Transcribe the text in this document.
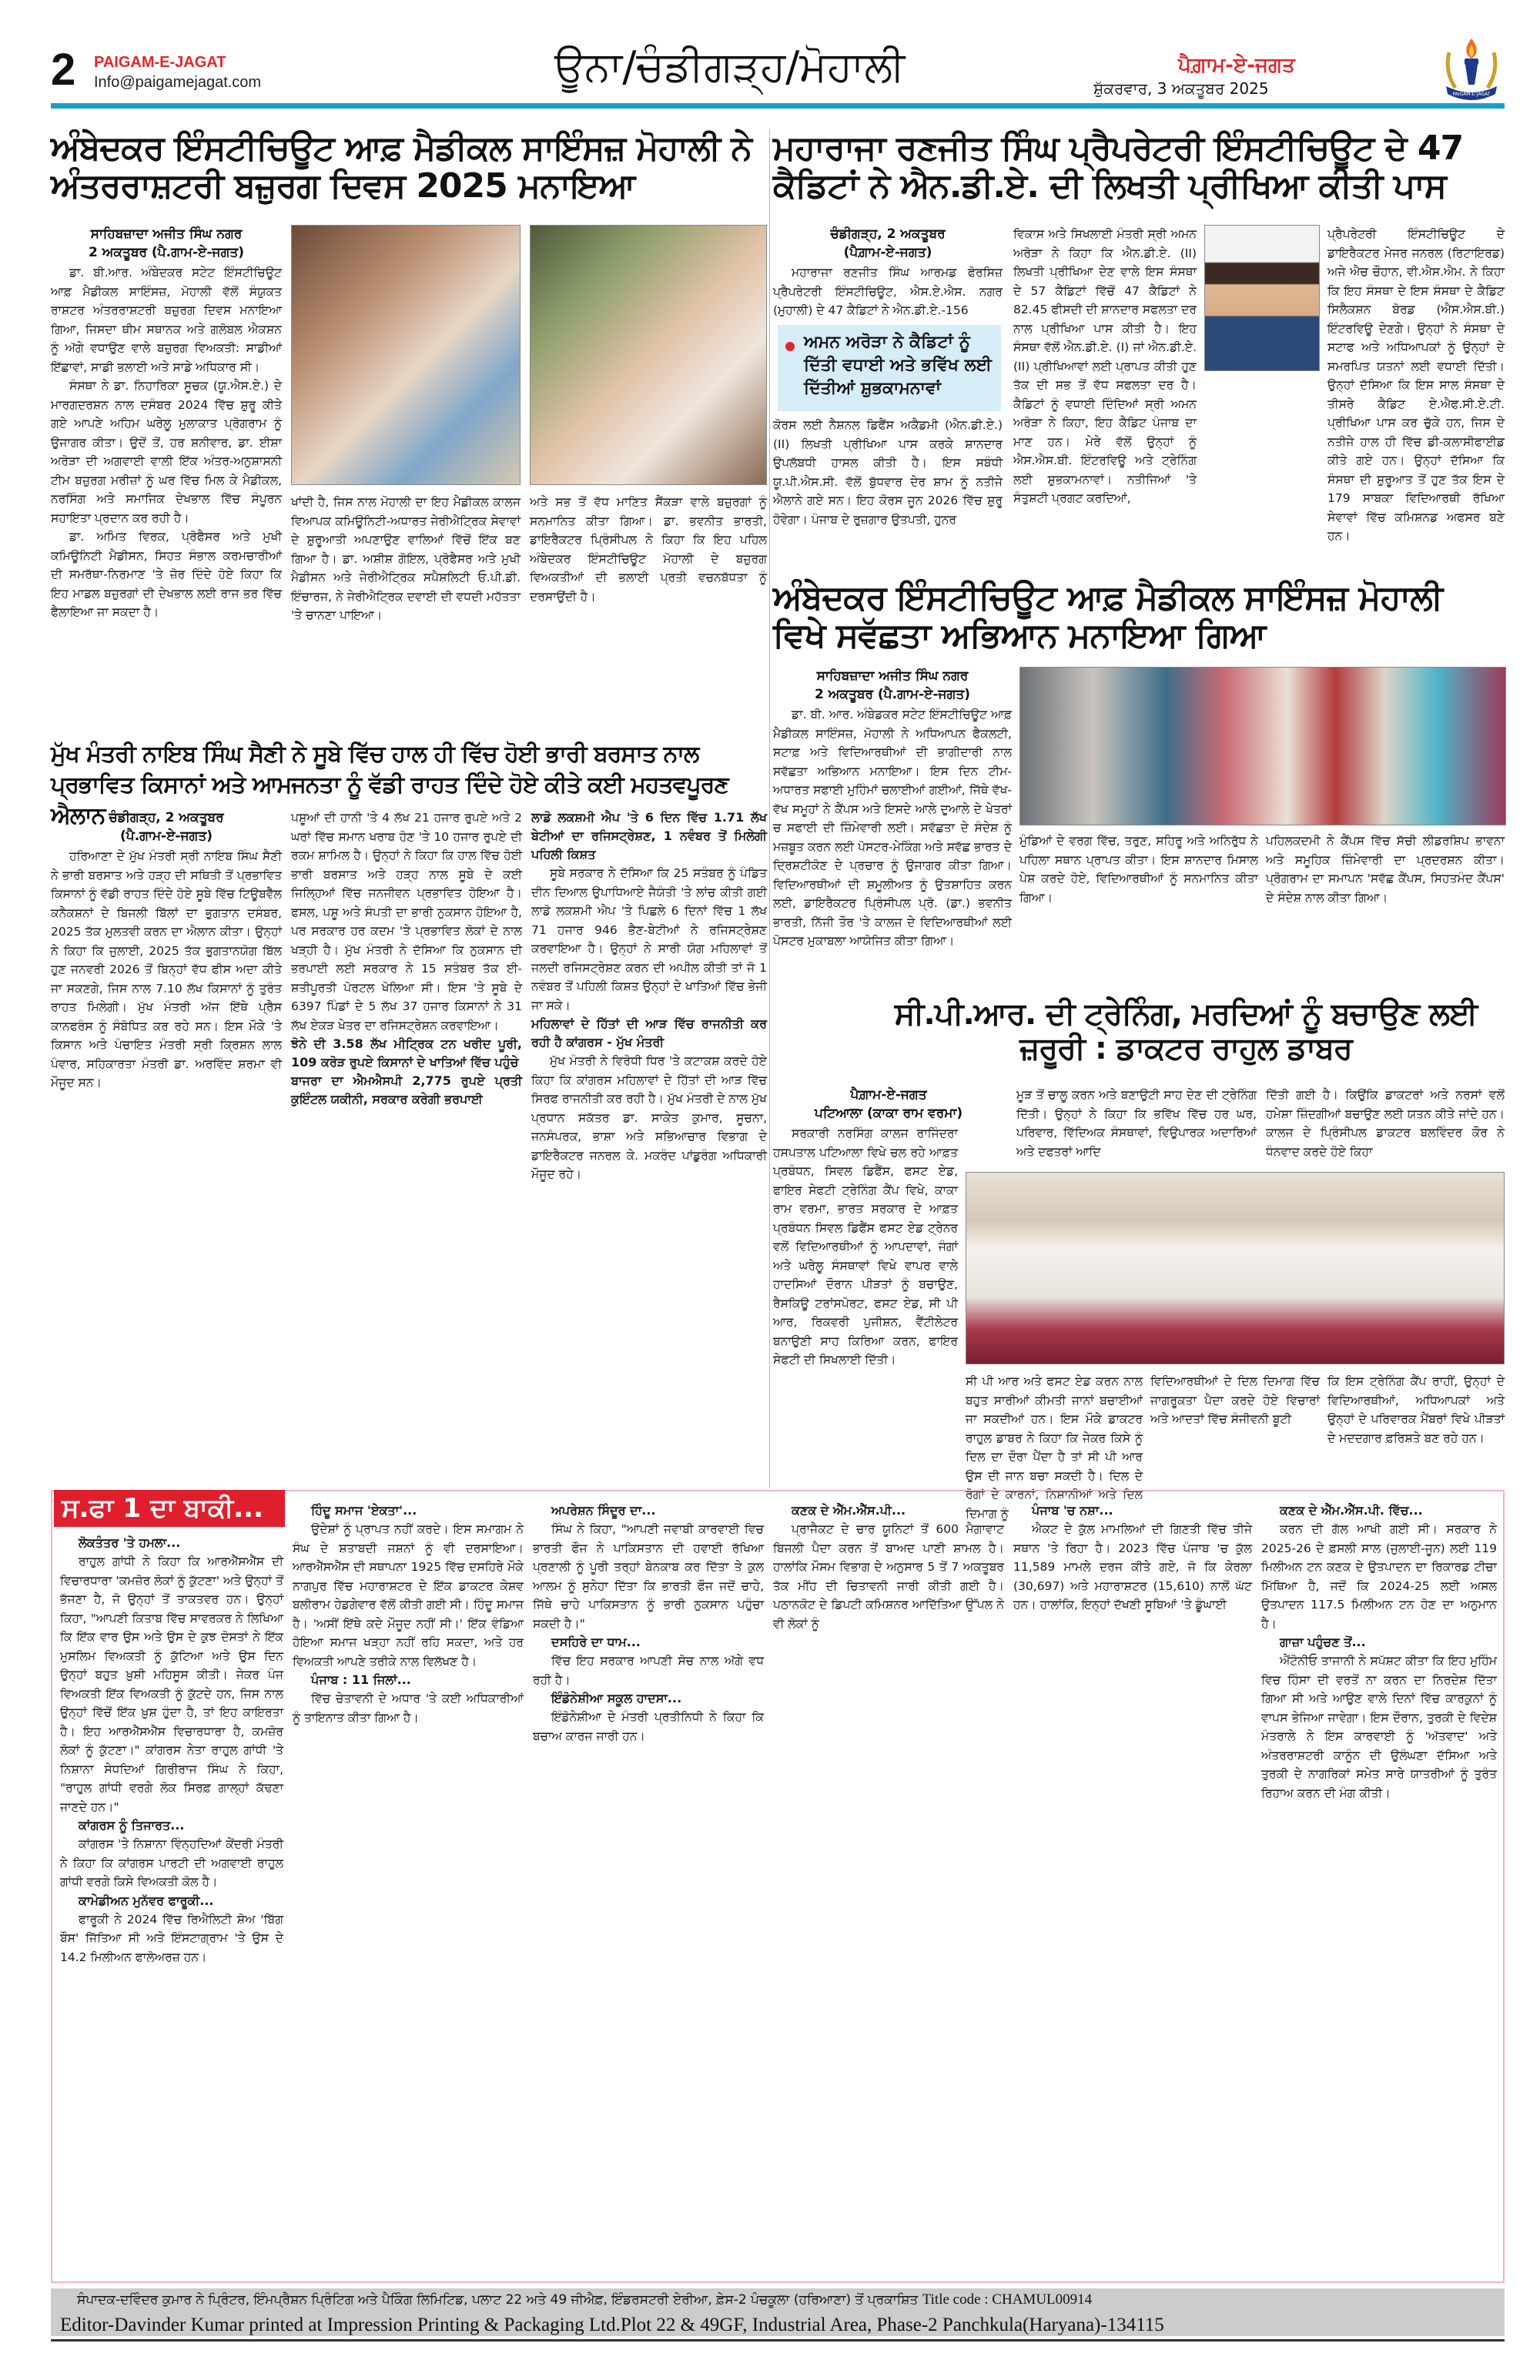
2 PAIGAM-E-JAGAT
Info@paigamejagat.com	ਊਨਾ/ਚੰਡੀਗੜ੍ਹ/ਮੋਹਾਲੀ	ਪੈਗ਼ਾਮ-ਏ-ਜਗਤ
ਸ਼ੁੱਕਰਵਾਰ, 3 ਅਕਤੂਬਰ 2025	PAIGAM-E-JAGAT
ਅੰਬੇਦਕਰ ਇੰਸਟੀਚਿਊਟ ਆਫ਼ ਮੈਡੀਕਲ ਸਾਇੰਸਜ਼ ਮੋਹਾਲੀ ਨੇ ਅੰਤਰਰਾਸ਼ਟਰੀ ਬਜ਼ੁਰਗ ਦਿਵਸ 2025 ਮਨਾਇਆ
ਸਾਹਿਬਜ਼ਾਦਾ ਅਜੀਤ ਸਿੰਘ ਨਗਰ
2 ਅਕਤੂਬਰ (ਪੈ.ਗਾਮ-ਏ-ਜਗਤ)

ਡਾ. ਬੀ.ਆਰ. ਅੰਬੇਦਕਰ ਸਟੇਟ ਇੰਸਟੀਚਿਊਟ ਆਫ਼ ਮੈਡੀਕਲ ਸਾਇੰਸਜ਼, ਮੋਹਾਲੀ ਵੱਲੋਂ ਸੰਯੁਕਤ ਰਾਸ਼ਟਰ ਅੰਤਰਰਾਸ਼ਟਰੀ ਬਜ਼ੁਰਗ ਦਿਵਸ ਮਨਾਇਆ ਗਿਆ, ਜਿਸਦਾ ਥੀਮ ਸਥਾਨਕ ਅਤੇ ਗਲੋਬਲ ਐਕਸ਼ਨ ਨੂੰ ਅੱਗੇ ਵਧਾਉਣ ਵਾਲੇ ਬਜ਼ੁਰਗ ਵਿਅਕਤੀ: ਸਾਡੀਆਂ ਇੱਛਾਵਾਂ, ਸਾਡੀ ਭਲਾਈ ਅਤੇ ਸਾਡੇ ਅਧਿਕਾਰ ਸੀ।

ਸੰਸਥਾ ਨੇ ਡਾ. ਨਿਹਾਰਿਕਾ ਸੂਚਕ (ਯੂ.ਐਸ.ਏ.) ਦੇ ਮਾਰਗਦਰਸ਼ਨ ਨਾਲ ਦਸੰਬਰ 2024 ਵਿੱਚ ਸ਼ੁਰੂ ਕੀਤੇ ਗਏ ਆਪਣੇ ਅਹਿਮ ਘਰੇਲੂ ਮੁਲਾਕਾਤ ਪ੍ਰੋਗਰਾਮ ਨੂੰ ਉਜਾਗਰ ਕੀਤਾ। ਉਦੋਂ ਤੋਂ, ਹਰ ਸ਼ਨੀਵਾਰ, ਡਾ. ਈਸ਼ਾ ਅਰੋੜਾ ਦੀ ਅਗਵਾਈ ਵਾਲੀ ਇੱਕ ਅੰਤਰ-ਅਨੁਸ਼ਾਸਨੀ ਟੀਮ ਬਜ਼ੁਰਗ ਮਰੀਜ਼ਾਂ ਨੂੰ ਘਰ ਵਿੱਚ ਮਿਲ ਕੇ ਮੈਡੀਕਲ, ਨਰਸਿੰਗ ਅਤੇ ਸਮਾਜਿਕ ਦੇਖਭਾਲ ਵਿੱਚ ਸੰਪੂਰਨ ਸਹਾਇਤਾ ਪ੍ਰਦਾਨ ਕਰ ਰਹੀ ਹੈ।

ਡਾ. ਅਮਿਤ ਵਿਰਕ, ਪ੍ਰੋਫੈਸਰ ਅਤੇ ਮੁਖੀ ਕਮਿਊਨਿਟੀ ਮੈਡੀਸਨ, ਸਿਹਤ ਸੰਭਾਲ ਕਰਮਚਾਰੀਆਂ ਦੀ ਸਮਰੱਥਾ-ਨਿਰਮਾਣ 'ਤੇ ਜ਼ੋਰ ਦਿੰਦੇ ਹੋਏ ਕਿਹਾ ਕਿ ਇਹ ਮਾਡਲ ਬਜ਼ੁਰਗਾਂ ਦੀ ਦੇਖਭਾਲ ਲਈ ਰਾਜ ਭਰ ਵਿੱਚ ਫੈਲਾਇਆ ਜਾ ਸਕਦਾ ਹੈ।

ਖਾਂਦੀ ਹੈ, ਜਿਸ ਨਾਲ ਮੋਹਾਲੀ ਦਾ ਇਹ ਮੈਡੀਕਲ ਕਾਲਜ ਵਿਆਪਕ ਕਮਿਊਨਿਟੀ-ਅਧਾਰਤ ਜੇਰੀਐਟ੍ਰਿਕ ਸੇਵਾਵਾਂ ਦੇ ਸ਼ੁਰੂਆਤੀ ਅਪਣਾਉਣ ਵਾਲਿਆਂ ਵਿੱਚੋਂ ਇੱਕ ਬਣ ਗਿਆ ਹੈ। ਡਾ. ਅਸ਼ੀਸ਼ ਗੋਇਲ, ਪ੍ਰੋਫੈਸਰ ਅਤੇ ਮੁਖੀ ਮੈਡੀਸਨ ਅਤੇ ਜੇਰੀਐਟ੍ਰਿਕ ਸਪੈਸ਼ਲਿਟੀ ਓ.ਪੀ.ਡੀ. ਇੰਚਾਰਜ, ਨੇ ਜੇਰੀਐਟ੍ਰਿਕ ਦਵਾਈ ਦੀ ਵਧਦੀ ਮਹੱਤਤਾ 'ਤੇ ਚਾਨਣਾ ਪਾਇਆ।

ਅਤੇ ਸਭ ਤੋਂ ਵੱਧ ਮਾਣਿਤ ਸੈਂਕੜਾ ਵਾਲੇ ਬਜ਼ੁਰਗਾਂ ਨੂੰ ਸਨਮਾਨਿਤ ਕੀਤਾ ਗਿਆ। ਡਾ. ਭਵਨੀਤ ਭਾਰਤੀ, ਡਾਇਰੈਕਟਰ ਪ੍ਰਿੰਸੀਪਲ ਨੇ ਕਿਹਾ ਕਿ ਇਹ ਪਹਿਲ ਅੰਬੇਦਕਰ ਇੰਸਟੀਚਿਊਟ ਮੋਹਾਲੀ ਦੇ ਬਜ਼ੁਰਗ ਵਿਅਕਤੀਆਂ ਦੀ ਭਲਾਈ ਪ੍ਰਤੀ ਵਚਨਬੱਧਤਾ ਨੂੰ ਦਰਸਾਉਂਦੀ ਹੈ।

ਮਹਾਰਾਜਾ ਰਣਜੀਤ ਸਿੰਘ ਪ੍ਰੈਪਰੇਟਰੀ ਇੰਸਟੀਚਿਊਟ ਦੇ 47 ਕੈਡਿਟਾਂ ਨੇ ਐਨ.ਡੀ.ਏ. ਦੀ ਲਿਖਤੀ ਪ੍ਰੀਖਿਆ ਕੀਤੀ ਪਾਸ
ਚੰਡੀਗੜ੍ਹ, 2 ਅਕਤੂਬਰ
(ਪੈਗ਼ਾਮ-ਏ-ਜਗਤ)

ਮਹਾਰਾਜਾ ਰਣਜੀਤ ਸਿੰਘ ਆਰਮਡ ਫੋਰਸਿਜ਼ ਪ੍ਰੈਪਰੇਟਰੀ ਇੰਸਟੀਚਿਊਟ, ਐਸ.ਏ.ਐਸ. ਨਗਰ (ਮੁਹਾਲੀ) ਦੇ 47 ਕੈਡਿਟਾਂ ਨੇ ਐਨ.ਡੀ.ਏ.-156

ਅਮਨ ਅਰੋੜਾ ਨੇ ਕੈਡਿਟਾਂ ਨੂੰ ਦਿੱਤੀ ਵਧਾਈ ਅਤੇ ਭਵਿੱਖ ਲਈ ਦਿੱਤੀਆਂ ਸ਼ੁਭਕਾਮਨਾਵਾਂ

ਕੋਰਸ ਲਈ ਨੈਸ਼ਨਲ ਡਿਫੈਂਸ ਅਕੈਡਮੀ (ਐਨ.ਡੀ.ਏ.) (II) ਲਿਖਤੀ ਪ੍ਰੀਖਿਆ ਪਾਸ ਕਰਕੇ ਸ਼ਾਨਦਾਰ ਉਪਲੱਬਧੀ ਹਾਸਲ ਕੀਤੀ ਹੈ। ਇਸ ਸਬੰਧੀ ਯੂ.ਪੀ.ਐਸ.ਸੀ. ਵੱਲੋਂ ਬੁੱਧਵਾਰ ਦੇਰ ਸ਼ਾਮ ਨੂੰ ਨਤੀਜੇ ਐਲਾਨੇ ਗਏ ਸਨ। ਇਹ ਕੋਰਸ ਜੂਨ 2026 ਵਿੱਚ ਸ਼ੁਰੂ ਹੋਵੇਗਾ। ਪੰਜਾਬ ਦੇ ਰੁਜ਼ਗਾਰ ਉਤਪਤੀ, ਹੁਨਰ

ਵਿਕਾਸ ਅਤੇ ਸਿਖਲਾਈ ਮੰਤਰੀ ਸ੍ਰੀ ਅਮਨ ਅਰੋੜਾ ਨੇ ਕਿਹਾ ਕਿ ਐਨ.ਡੀ.ਏ. (II) ਲਿਖਤੀ ਪ੍ਰੀਖਿਆ ਦੇਣ ਵਾਲੇ ਇਸ ਸੰਸਥਾ ਦੇ 57 ਕੈਡਿਟਾਂ ਵਿੱਚੋਂ 47 ਕੈਡਿਟਾਂ ਨੇ 82.45 ਫੀਸਦੀ ਦੀ ਸ਼ਾਨਦਾਰ ਸਫਲਤਾ ਦਰ ਨਾਲ ਪ੍ਰੀਖਿਆ ਪਾਸ ਕੀਤੀ ਹੈ। ਇਹ ਸੰਸਥਾ ਵੱਲੋਂ ਐਨ.ਡੀ.ਏ. (I) ਜਾਂ ਐਨ.ਡੀ.ਏ. (II) ਪ੍ਰੀਖਿਆਵਾਂ ਲਈ ਪ੍ਰਾਪਤ ਕੀਤੀ ਹੁਣ ਤੱਕ ਦੀ ਸਭ ਤੋਂ ਵੱਧ ਸਫਲਤਾ ਦਰ ਹੈ। ਕੈਡਿਟਾਂ ਨੂੰ ਵਧਾਈ ਦਿੰਦਿਆਂ ਸ੍ਰੀ ਅਮਨ ਅਰੋੜਾ ਨੇ ਕਿਹਾ, ਇਹ ਕੈਡਿਟ ਪੰਜਾਬ ਦਾ ਮਾਣ ਹਨ। ਮੇਰੇ ਵੱਲੋਂ ਉਨ੍ਹਾਂ ਨੂੰ ਐਸ.ਐਸ.ਬੀ. ਇੰਟਰਵਿਊ ਅਤੇ ਟ੍ਰੇਨਿੰਗ ਲਈ ਸ਼ੁਭਕਾਮਨਾਵਾਂ। ਨਤੀਜਿਆਂ 'ਤੇ ਸੰਤੁਸ਼ਟੀ ਪ੍ਰਗਟ ਕਰਦਿਆਂ,

ਪ੍ਰੈਪਰੇਟਰੀ ਇੰਸਟੀਚਿਊਟ ਦੇ ਡਾਇਰੈਕਟਰ ਮੇਜਰ ਜਨਰਲ (ਰਿਟਾਇਰਡ) ਅਜੇ ਐਚ ਚੌਹਾਨ, ਵੀ.ਐਸ.ਐਮ. ਨੇ ਕਿਹਾ ਕਿ ਇਹ ਸੰਸਥਾ ਦੇ ਇਸ ਸੰਸਥਾ ਦੇ ਕੈਡਿਟ ਸਿਲੈਕਸ਼ਨ ਬੋਰਡ (ਐਸ.ਐਸ.ਬੀ.) ਇੰਟਰਵਿਊ ਦੇਣਗੇ। ਉਨ੍ਹਾਂ ਨੇ ਸੰਸਥਾ ਦੇ ਸਟਾਫ ਅਤੇ ਅਧਿਆਪਕਾਂ ਨੂੰ ਉਨ੍ਹਾਂ ਦੇ ਸਮਰਪਿਤ ਯਤਨਾਂ ਲਈ ਵਧਾਈ ਦਿੱਤੀ। ਉਨ੍ਹਾਂ ਦੱਸਿਆ ਕਿ ਇਸ ਸਾਲ ਸੰਸਥਾ ਦੇ ਤੀਸਰੇ ਕੈਡਿਟ ਏ.ਐਫ.ਸੀ.ਏ.ਟੀ. ਪ੍ਰੀਖਿਆ ਪਾਸ ਕਰ ਚੁੱਕੇ ਹਨ, ਜਿਸ ਦੇ ਨਤੀਜੇ ਹਾਲ ਹੀ ਵਿੱਚ ਡੀ-ਕਲਾਸੀਫਾਈਡ ਕੀਤੇ ਗਏ ਹਨ। ਉਨ੍ਹਾਂ ਦੱਸਿਆ ਕਿ ਸੰਸਥਾ ਦੀ ਸ਼ੁਰੂਆਤ ਤੋਂ ਹੁਣ ਤੱਕ ਇਸ ਦੇ 179 ਸਾਬਕਾ ਵਿਦਿਆਰਥੀ ਰੱਖਿਆ ਸੇਵਾਵਾਂ ਵਿੱਚ ਕਮਿਸ਼ਨਡ ਅਫਸਰ ਬਣੇ ਹਨ।

ਅੰਬੇਦਕਰ ਇੰਸਟੀਚਿਊਟ ਆਫ਼ ਮੈਡੀਕਲ ਸਾਇੰਸਜ਼ ਮੋਹਾਲੀ ਵਿਖੇ ਸਵੱਛਤਾ ਅਭਿਆਨ ਮਨਾਇਆ ਗਿਆ
ਸਾਹਿਬਜ਼ਾਦਾ ਅਜੀਤ ਸਿੰਘ ਨਗਰ
2 ਅਕਤੂਬਰ (ਪੈ.ਗਾਮ-ਏ-ਜਗਤ)

ਡਾ. ਬੀ. ਆਰ. ਅੰਬੇਡਕਰ ਸਟੇਟ ਇੰਸਟੀਚਿਊਟ ਆਫ਼ ਮੈਡੀਕਲ ਸਾਇੰਸਜ਼, ਮੋਹਾਲੀ ਨੇ ਅਧਿਆਪਨ ਫੈਕਲਟੀ, ਸਟਾਫ਼ ਅਤੇ ਵਿਦਿਆਰਥੀਆਂ ਦੀ ਭਾਗੀਦਾਰੀ ਨਾਲ ਸਵੱਛਤਾ ਅਭਿਆਨ ਮਨਾਇਆ। ਇਸ ਦਿਨ ਟੀਮ-ਅਧਾਰਤ ਸਫਾਈ ਮੁਹਿੰਮਾਂ ਚਲਾਈਆਂ ਗਈਆਂ, ਜਿੱਥੇ ਵੱਖ-ਵੱਖ ਸਮੂਹਾਂ ਨੇ ਕੈਂਪਸ ਅਤੇ ਇਸਦੇ ਆਲੇ ਦੁਆਲੇ ਦੇ ਖੇਤਰਾਂ ਚ ਸਫਾਈ ਦੀ ਜ਼ਿੰਮੇਵਾਰੀ ਲਈ। ਸਵੱਛਤਾ ਦੇ ਸੰਦੇਸ਼ ਨੂੰ ਮਜ਼ਬੂਤ ਕਰਨ ਲਈ ਪੋਸਟਰ-ਮੇਕਿੰਗ ਅਤੇ ਸਵੱਛ ਭਾਰਤ ਦੇ ਦ੍ਰਿਸ਼ਟੀਕੋਣ ਦੇ ਪ੍ਰਚਾਰ ਨੂੰ ਉਜਾਗਰ ਕੀਤਾ ਗਿਆ। ਵਿਦਿਆਰਥੀਆਂ ਦੀ ਸ਼ਮੂਲੀਅਤ ਨੂੰ ਉਤਸ਼ਾਹਿਤ ਕਰਨ ਲਈ, ਡਾਇਰੈਕਟਰ ਪ੍ਰਿੰਸੀਪਲ ਪ੍ਰੋ. (ਡਾ.) ਭਵਨੀਤ ਭਾਰਤੀ, ਨਿੱਜੀ ਤੌਰ 'ਤੇ ਕਾਲਜ ਦੇ ਵਿਦਿਆਰਥੀਆਂ ਲਈ ਪੋਸਟਰ ਮੁਕਾਬਲਾ ਆਯੋਜਿਤ ਕੀਤਾ ਗਿਆ।

ਮੁੰਡਿਆਂ ਦੇ ਵਰਗ ਵਿੱਚ, ਤਰੁਣ, ਸਹਿਰੂ ਅਤੇ ਅਨਿਰੁੱਧ ਨੇ ਪਹਿਲਾ ਸਥਾਨ ਪ੍ਰਾਪਤ ਕੀਤਾ। ਇਸ ਸ਼ਾਨਦਾਰ ਮਿਸਾਲ ਪੇਸ਼ ਕਰਦੇ ਹੋਏ, ਵਿਦਿਆਰਥੀਆਂ ਨੂੰ ਸਨਮਾਨਿਤ ਕੀਤਾ ਗਿਆ।

ਪਹਿਲਕਦਮੀ ਨੇ ਕੈਂਪਸ ਵਿੱਚ ਸੱਚੀ ਲੀਡਰਸ਼ਿਪ ਭਾਵਨਾ ਅਤੇ ਸਮੂਹਿਕ ਜ਼ਿੰਮੇਵਾਰੀ ਦਾ ਪ੍ਰਦਰਸ਼ਨ ਕੀਤਾ। ਪ੍ਰੋਗਰਾਮ ਦਾ ਸਮਾਪਨ 'ਸਵੱਛ ਕੈਂਪਸ, ਸਿਹਤਮੰਦ ਕੈਂਪਸ' ਦੇ ਸੰਦੇਸ਼ ਨਾਲ ਕੀਤਾ ਗਿਆ।

ਮੁੱਖ ਮੰਤਰੀ ਨਾਇਬ ਸਿੰਘ ਸੈਣੀ ਨੇ ਸੂਬੇ ਵਿੱਚ ਹਾਲ ਹੀ ਵਿੱਚ ਹੋਈ ਭਾਰੀ ਬਰਸਾਤ ਨਾਲ ਪ੍ਰਭਾਵਿਤ ਕਿਸਾਨਾਂ ਅਤੇ ਆਮਜਨਤਾ ਨੂੰ ਵੱਡੀ ਰਾਹਤ ਦਿੰਦੇ ਹੋਏ ਕੀਤੇ ਕਈ ਮਹਤਵਪੂਰਣ ਐਲਾਨ ਚੰਡੀਗੜ੍ਹ, 2 ਅਕਤੂਬਰ
(ਪੈ.ਗਾਮ-ਏ-ਜਗਤ)

ਹਰਿਆਣਾ ਦੇ ਮੁੱਖ ਮੰਤਰੀ ਸ੍ਰੀ ਨਾਇਬ ਸਿੰਘ ਸੈਣੀ ਨੇ ਭਾਰੀ ਬਰਸਾਤ ਅਤੇ ਹੜ੍ਹ ਦੀ ਸਥਿਤੀ ਤੋਂ ਪ੍ਰਭਾਵਿਤ ਕਿਸਾਨਾਂ ਨੂੰ ਵੱਡੀ ਰਾਹਤ ਦਿੰਦੇ ਹੋਏ ਸੂਬੇ ਵਿੱਚ ਟਿਊਬਵੈੱਲ ਕਨੈਕਸ਼ਨਾਂ ਦੇ ਬਿਜਲੀ ਬਿੱਲਾਂ ਦਾ ਭੁਗਤਾਨ ਦਸੰਬਰ, 2025 ਤੱਕ ਮੁਲਤਵੀ ਕਰਨ ਦਾ ਐਲਾਨ ਕੀਤਾ। ਉਨ੍ਹਾਂ ਨੇ ਕਿਹਾ ਕਿ ਜੁਲਾਈ, 2025 ਤੱਕ ਭੁਗਤਾਨਯੋਗ ਬਿੱਲ ਹੁਣ ਜਨਵਰੀ 2026 ਤੋਂ ਬਿਨ੍ਹਾਂ ਵੱਧ ਫੀਸ ਅਦਾ ਕੀਤੇ ਜਾ ਸਕਣਗੇ, ਜਿਸ ਨਾਲ 7.10 ਲੱਖ ਕਿਸਾਨਾਂ ਨੂੰ ਤੁਰੰਤ ਰਾਹਤ ਮਿਲੇਗੀ। ਮੁੱਖ ਮੰਤਰੀ ਅੱਜ ਇੱਥੇ ਪ੍ਰੈਸ ਕਾਨਫਰੰਸ ਨੂੰ ਸੰਬੋਧਿਤ ਕਰ ਰਹੇ ਸਨ। ਇਸ ਮੌਕੇ 'ਤੇ ਕਿਸਾਨ ਅਤੇ ਪੰਚਾਇਤ ਮੰਤਰੀ ਸ੍ਰੀ ਕ੍ਰਿਸ਼ਨ ਲਾਲ ਪੰਵਾਰ, ਸਹਿਕਾਰਤਾ ਮੰਤਰੀ ਡਾ. ਅਰਵਿੰਦ ਸ਼ਰਮਾ ਵੀ ਮੌਜੂਦ ਸਨ।

ਪਸ਼ੂਆਂ ਦੀ ਹਾਨੀ 'ਤੇ 4 ਲੱਖ 21 ਹਜਾਰ ਰੁਪਏ ਅਤੇ 2 ਘਰਾਂ ਵਿੱਚ ਸਮਾਨ ਖਰਾਬ ਹੋਣ 'ਤੇ 10 ਹਜਾਰ ਰੁਪਏ ਦੀ ਰਕਮ ਸ਼ਾਮਿਲ ਹੈ। ਉਨ੍ਹਾਂ ਨੇ ਕਿਹਾ ਕਿ ਹਾਲ ਵਿੱਚ ਹੋਈ ਭਾਰੀ ਬਰਸਾਤ ਅਤੇ ਹੜ੍ਹ ਨਾਲ ਸੂਬੇ ਦੇ ਕਈ ਜਿਲ੍ਹਿਆਂ ਵਿੱਚ ਜਨਜੀਵਨ ਪ੍ਰਭਾਵਿਤ ਹੋਇਆ ਹੈ। ਫਸਲ, ਪਸ਼ੂ ਅਤੇ ਸੰਪਤੀ ਦਾ ਭਾਰੀ ਨੁਕਸਾਨ ਹੋਇਆ ਹੈ, ਪਰ ਸਰਕਾਰ ਹਰ ਕਦਮ 'ਤੇ ਪ੍ਰਭਾਵਿਤ ਲੋਕਾਂ ਦੇ ਨਾਲ ਖੜ੍ਹੀ ਹੈ। ਮੁੱਖ ਮੰਤਰੀ ਨੇ ਦੱਸਿਆ ਕਿ ਨੁਕਸਾਨ ਦੀ ਭਰਪਾਈ ਲਈ ਸਰਕਾਰ ਨੇ 15 ਸਤੰਬਰ ਤੱਕ ਈ-ਸ਼ਤੀਪੂਰਤੀ ਪੋਰਟਲ ਖੋਲਿਆ ਸੀ। ਇਸ 'ਤੇ ਸੂਬੇ ਦੇ 6397 ਪਿੰਡਾਂ ਦੇ 5 ਲੱਖ 37 ਹਜਾਰ ਕਿਸਾਨਾਂ ਨੇ 31 ਲੱਖ ਏਕੜ ਖੇਤਰ ਦਾ ਰਜਿਸਟ੍ਰੇਸ਼ਨ ਕਰਵਾਇਆ।

ਝੋਨੇ ਦੀ 3.58 ਲੱਖ ਮੀਟ੍ਰਿਕ ਟਨ ਖਰੀਦ ਪੂਰੀ, 109 ਕਰੋੜ ਰੁਪਏ ਕਿਸਾਨਾਂ ਦੇ ਖਾਤਿਆਂ ਵਿੱਚ ਪਹੁੰਚੇ

ਬਾਜਰਾ ਦਾ ਐਮਐਸਪੀ 2,775 ਰੁਪਏ ਪ੍ਰਤੀ ਕੁਇੰਟਲ ਯਕੀਨੀ, ਸਰਕਾਰ ਕਰੇਗੀ ਭਰਪਾਈ

ਲਾਡੋ ਲਕਸ਼ਮੀ ਐਪ 'ਤੇ 6 ਦਿਨ ਵਿੱਚ 1.71 ਲੱਖ ਬੇਟੀਆਂ ਦਾ ਰਜਿਸਟ੍ਰੇਸ਼ਣ, 1 ਨਵੰਬਰ ਤੋਂ ਮਿਲੇਗੀ ਪਹਿਲੀ ਕਿਸ਼ਤ

ਸੂਬੇ ਸਰਕਾਰ ਨੇ ਦੱਸਿਆ ਕਿ 25 ਸਤੰਬਰ ਨੂੰ ਪੰਡਿਤ ਦੀਨ ਦਿਆਲ ਉਪਾਧਿਆਏ ਜੈਯੰਤੀ 'ਤੇ ਲਾਂਚ ਕੀਤੀ ਗਈ ਲਾਡੋ ਲਕਸ਼ਮੀ ਐਪ 'ਤੇ ਪਿਛਲੇ 6 ਦਿਨਾਂ ਵਿੱਚ 1 ਲੱਖ 71 ਹਜਾਰ 946 ਭੈਣ-ਬੇਟੀਆਂ ਨੇ ਰਜਿਸਟ੍ਰੇਸ਼ਣ ਕਰਵਾਇਆ ਹੈ। ਉਨ੍ਹਾਂ ਨੇ ਸਾਰੀ ਯੋਗ ਮਹਿਲਾਵਾਂ ਤੋਂ ਜਲਦੀ ਰਜਿਸਟ੍ਰੇਸ਼ਣ ਕਰਨ ਦੀ ਅਪੀਲ ਕੀਤੀ ਤਾਂ ਜੋ 1 ਨਵੰਬਰ ਤੋਂ ਪਹਿਲੀ ਕਿਸ਼ਤ ਉਨ੍ਹਾਂ ਦੇ ਖਾਤਿਆਂ ਵਿੱਚ ਭੇਜੀ ਜਾ ਸਕੇ।

ਮਹਿਲਾਵਾਂ ਦੇ ਹਿੱਤਾਂ ਦੀ ਆੜ ਵਿੱਚ ਰਾਜਨੀਤੀ ਕਰ ਰਹੀ ਹੈ ਕਾਂਗਰਸ - ਮੁੱਖ ਮੰਤਰੀ

ਮੁੱਖ ਮੰਤਰੀ ਨੇ ਵਿਰੋਧੀ ਧਿਰ 'ਤੇ ਕਟਾਕਸ਼ ਕਰਦੇ ਹੋਏ ਕਿਹਾ ਕਿ ਕਾਂਗਰਸ ਮਹਿਲਾਵਾਂ ਦੇ ਹਿੱਤਾਂ ਦੀ ਆੜ ਵਿੱਚ ਸਿਰਫ ਰਾਜਨੀਤੀ ਕਰ ਰਹੀ ਹੈ। ਮੁੱਖ ਮੰਤਰੀ ਦੇ ਨਾਲ ਮੁੱਖ ਪ੍ਰਧਾਨ ਸਕੱਤਰ ਡਾ. ਸਾਕੇਤ ਕੁਮਾਰ, ਸੂਚਨਾ, ਜਨਸੰਪਰਕ, ਭਾਸ਼ਾ ਅਤੇ ਸਭਿਆਚਾਰ ਵਿਭਾਗ ਦੇ ਡਾਇਰੈਕਟਰ ਜਨਰਲ ਕੇ. ਮਕਰੰਦ ਪਾਂਡੁਰੰਗ ਅਧਿਕਾਰੀ ਮੌਜੂਦ ਰਹੇ।

ਸੀ.ਪੀ.ਆਰ. ਦੀ ਟ੍ਰੇਨਿੰਗ, ਮਰਦਿਆਂ ਨੂੰ ਬਚਾਉਣ ਲਈ ਜ਼ਰੂਰੀ : ਡਾਕਟਰ ਰਾਹੁਲ ਡਾਬਰ
ਪੈਗ਼ਾਮ-ਏ-ਜਗਤ
ਪਟਿਆਲਾ (ਕਾਕਾ ਰਾਮ ਵਰਮਾ)

ਸਰਕਾਰੀ ਨਰਸਿੰਗ ਕਾਲਜ ਰਾਜਿੰਦਰਾ ਹਸਪਤਾਲ ਪਟਿਆਲਾ ਵਿਖੇ ਚਲ ਰਹੇ ਆਫ਼ਤ ਪ੍ਰਬੰਧਨ, ਸਿਵਲ ਡਿਫੈਂਸ, ਫਸਟ ਏਡ, ਫਾਇਰ ਸੇਫਟੀ ਟ੍ਰੇਨਿੰਗ ਕੈਂਪ ਵਿਖੇ, ਕਾਕਾ ਰਾਮ ਵਰਮਾ, ਭਾਰਤ ਸਰਕਾਰ ਦੇ ਆਫ਼ਤ ਪ੍ਰਬੰਧਨ ਸਿਵਲ ਡਿਫੈਂਸ ਫਸਟ ਏਡ ਟ੍ਰੇਨਰ ਵਲੋਂ ਵਿਦਿਆਰਥੀਆਂ ਨੂੰ ਆਪਦਾਵਾਂ, ਜੰਗਾਂ ਅਤੇ ਘਰੇਲੂ ਸੰਸਥਾਵਾਂ ਵਿਖੇ ਵਾਪਰ ਵਾਲੇ ਹਾਦਸਿਆਂ ਦੌਰਾਨ ਪੀੜਤਾਂ ਨੂੰ ਬਚਾਉਣ, ਰੈਸਕਿਊ ਟਰਾਂਸਪੋਰਟ, ਫਸਟ ਏਡ, ਸੀ ਪੀ ਆਰ, ਰਿਕਵਰੀ ਪੁਜੀਸ਼ਨ, ਵੈਂਟੀਲੇਟਰ ਬਨਾਉਣੀ ਸਾਹ ਕਿਰਿਆ ਕਰਨ, ਫਾਇਰ ਸੇਫਟੀ ਦੀ ਸਿਖਲਾਈ ਦਿੱਤੀ।

ਮੂੜ ਤੋਂ ਚਾਲੂ ਕਰਨ ਅਤੇ ਬਣਾਉਟੀ ਸਾਹ ਦੇਣ ਦੀ ਟ੍ਰੇਨਿੰਗ ਦਿੱਤੀ। ਉਨ੍ਹਾਂ ਨੇ ਕਿਹਾ ਕਿ ਭਵਿੱਖ ਵਿੱਚ ਹਰ ਘਰ, ਪਰਿਵਾਰ, ਵਿੱਦਿਅਕ ਸੰਸਥਾਵਾਂ, ਵਿਉਪਾਰਕ ਅਦਾਰਿਆਂ ਅਤੇ ਦਫਤਰਾਂ ਆਦਿ

ਦਿੱਤੀ ਗਈ ਹੈ। ਕਿਉਂਕਿ ਡਾਕਟਰਾਂ ਅਤੇ ਨਰਸਾਂ ਵਲੋਂ ਹਮੇਸ਼ਾ ਜ਼ਿੰਦਗੀਆਂ ਬਚਾਉਣ ਲਈ ਯਤਨ ਕੀਤੇ ਜਾਂਦੇ ਹਨ। ਕਾਲਜ ਦੇ ਪ੍ਰਿੰਸੀਪਲ ਡਾਕਟਰ ਬਲਵਿੰਦਰ ਕੌਰ ਨੇ ਧੰਨਵਾਦ ਕਰਦੇ ਹੋਏ ਕਿਹਾ

ਸੀ ਪੀ ਆਰ ਅਤੇ ਫਸਟ ਏਡ ਕਰਨ ਨਾਲ ਬਹੁਤ ਸਾਰੀਆਂ ਕੀਮਤੀ ਜਾਨਾਂ ਬਚਾਈਆਂ ਜਾ ਸਕਦੀਆਂ ਹਨ। ਇਸ ਮੌਕੇ ਡਾਕਟਰ ਰਾਹੁਲ ਡਾਬਰ ਨੇ ਕਿਹਾ ਕਿ ਜੇਕਰ ਕਿਸੇ ਨੂੰ ਦਿਲ ਦਾ ਦੌਰਾ ਪੈਂਦਾ ਹੈ ਤਾਂ ਸੀ ਪੀ ਆਰ ਉਸ ਦੀ ਜਾਨ ਬਚਾ ਸਕਦੀ ਹੈ। ਦਿਲ ਦੇ ਰੋਗਾਂ ਦੇ ਕਾਰਨਾਂ, ਨਿਸ਼ਾਨੀਆਂ ਅਤੇ ਦਿਲ ਦਿਮਾਗ ਨੂੰ

ਵਿਦਿਆਰਥੀਆਂ ਦੇ ਦਿਲ ਦਿਮਾਗ ਵਿੱਚ ਜਾਗਰੂਕਤਾ ਪੈਦਾ ਕਰਦੇ ਹੋਏ ਵਿਚਾਰਾਂ ਅਤੇ ਆਦਤਾਂ ਵਿੱਚ ਸੰਜੀਵਨੀ ਬੂਟੀ

ਕਿ ਇਸ ਟ੍ਰੇਨਿੰਗ ਕੈਂਪ ਰਾਹੀਂ, ਉਨ੍ਹਾਂ ਦੇ ਵਿਦਿਆਰਥੀਆਂ, ਅਧਿਆਪਕਾਂ ਅਤੇ ਉਨ੍ਹਾਂ ਦੇ ਪਰਿਵਾਰਕ ਮੈਂਬਰਾਂ ਵਿਖੇ ਪੀੜਤਾਂ ਦੇ ਮਦਦਗਾਰ ਫ਼ਰਿਸ਼ਤੇ ਬਣ ਰਹੇ ਹਨ।

ਸ.ਫਾ 1 ਦਾ ਬਾਕੀ...

ਲੋਕਤੰਤਰ 'ਤੇ ਹਮਲਾ...

ਰਾਹੁਲ ਗਾਂਧੀ ਨੇ ਕਿਹਾ ਕਿ ਆਰਐੱਸਐੱਸ ਦੀ ਵਿਚਾਰਧਾਰਾ 'ਕਮਜ਼ੋਰ ਲੋਕਾਂ ਨੂੰ ਕੁੱਟਣਾ' ਅਤੇ ਉਨ੍ਹਾਂ ਤੋਂ ਭੱਜਣਾ ਹੈ, ਜੋ ਉਨ੍ਹਾਂ ਤੋਂ ਤਾਕਤਵਰ ਹਨ। ਉਨ੍ਹਾਂ ਕਿਹਾ, "ਆਪਣੀ ਕਿਤਾਬ ਵਿੱਚ ਸਾਵਰਕਰ ਨੇ ਲਿਖਿਆ ਕਿ ਇੱਕ ਵਾਰ ਉਸ ਅਤੇ ਉਸ ਦੇ ਕੁਝ ਦੋਸਤਾਂ ਨੇ ਇੱਕ ਮੁਸਲਿਮ ਵਿਅਕਤੀ ਨੂੰ ਕੁੱਟਿਆ ਅਤੇ ਉਸ ਦਿਨ ਉਨ੍ਹਾਂ ਬਹੁਤ ਖ਼ੁਸ਼ੀ ਮਹਿਸੂਸ ਕੀਤੀ। ਜੇਕਰ ਪੰਜ ਵਿਅਕਤੀ ਇੱਕ ਵਿਅਕਤੀ ਨੂੰ ਕੁੱਟਦੇ ਹਨ, ਜਿਸ ਨਾਲ ਉਨ੍ਹਾਂ ਵਿੱਚੋਂ ਇੱਕ ਖ਼ੁਸ਼ ਹੁੰਦਾ ਹੈ, ਤਾਂ ਇਹ ਕਾਇਰਤਾ ਹੈ। ਇਹ ਆਰਐੱਸਐੱਸ ਵਿਚਾਰਧਾਰਾ ਹੈ, ਕਮਜ਼ੋਰ ਲੋਕਾਂ ਨੂੰ ਕੁੱਟਣਾ।" ਕਾਂਗਰਸ ਨੇਤਾ ਰਾਹੁਲ ਗਾਂਧੀ 'ਤੇ ਨਿਸ਼ਾਨਾ ਸੇਧਦਿਆਂ ਗਿਰੀਰਾਜ ਸਿੰਘ ਨੇ ਕਿਹਾ, "ਰਾਹੁਲ ਗਾਂਧੀ ਵਰਗੇ ਲੋਕ ਸਿਰਫ਼ ਗਾਲ੍ਹਾਂ ਕੱਢਣਾ ਜਾਣਦੇ ਹਨ।"

ਕਾਂਗਰਸ ਨੂੰ ਤਿਜਾਰਤ...

ਕਾਂਗਰਸ 'ਤੇ ਨਿਸ਼ਾਨਾ ਵਿੰਨ੍ਹਦਿਆਂ ਕੇਂਦਰੀ ਮੰਤਰੀ ਨੇ ਕਿਹਾ ਕਿ ਕਾਂਗਰਸ ਪਾਰਟੀ ਦੀ ਅਗਵਾਈ ਰਾਹੁਲ ਗਾਂਧੀ ਵਰਗੇ ਕਿਸੇ ਵਿਅਕਤੀ ਕੋਲ ਹੈ।

ਕਾਮੇਡੀਅਨ ਮੁਨੱਵਰ ਫਾਰੂਕੀ...

ਫਾਰੂਕੀ ਨੇ 2024 ਵਿੱਚ ਰਿਐਲਿਟੀ ਸ਼ੋਅ 'ਬਿੱਗ ਬੌਸ' ਜਿੱਤਿਆ ਸੀ ਅਤੇ ਇੰਸਟਾਗ੍ਰਾਮ 'ਤੇ ਉਸ ਦੇ 14.2 ਮਿਲੀਅਨ ਫਾਲੋਅਰਜ਼ ਹਨ।

ਹਿੰਦੂ ਸਮਾਜ 'ਏਕਤਾ'...

ਉਦੇਸ਼ਾਂ ਨੂੰ ਪ੍ਰਾਪਤ ਨਹੀਂ ਕਰਦੇ। ਇਸ ਸਮਾਗਮ ਨੇ ਸੰਘ ਦੇ ਸ਼ਤਾਬਦੀ ਜਸ਼ਨਾਂ ਨੂੰ ਵੀ ਦਰਸਾਇਆ। ਆਰਐੱਸਐੱਸ ਦੀ ਸਥਾਪਨਾ 1925 ਵਿੱਚ ਦਸਹਿਰੇ ਮੌਕੇ ਨਾਗਪੁਰ ਵਿੱਚ ਮਹਾਰਾਸ਼ਟਰ ਦੇ ਇੱਕ ਡਾਕਟਰ ਕੇਸ਼ਵ ਬਲੀਰਾਮ ਹੇਡਗੇਵਾਰ ਵੱਲੋਂ ਕੀਤੀ ਗਈ ਸੀ। ਹਿੰਦੂ ਸਮਾਜ ਹੈ। 'ਅਸੀਂ ਇੱਥੇ ਕਦੇ ਮੌਜੂਦ ਨਹੀਂ ਸੀ।' ਇੱਕ ਵੰਡਿਆ ਹੋਇਆ ਸਮਾਜ ਖੜ੍ਹਾ ਨਹੀਂ ਰਹਿ ਸਕਦਾ, ਅਤੇ ਹਰ ਵਿਅਕਤੀ ਆਪਣੇ ਤਰੀਕੇ ਨਾਲ ਵਿਲੱਖਣ ਹੈ।

ਪੰਜਾਬ : 11 ਜਿਲਾਂ...

ਵਿੱਚ ਚੇਤਾਵਨੀ ਦੇ ਅਧਾਰ 'ਤੇ ਕਈ ਅਧਿਕਾਰੀਆਂ ਨੂੰ ਤਾਇਨਾਤ ਕੀਤਾ ਗਿਆ ਹੈ।

ਅਪਰੇਸ਼ਨ ਸਿੰਦੂਰ ਦਾ...

ਸਿੰਘ ਨੇ ਕਿਹਾ, "ਆਪਣੀ ਜਵਾਬੀ ਕਾਰਵਾਈ ਵਿਚ ਭਾਰਤੀ ਫੌਜ ਨੇ ਪਾਕਿਸਤਾਨ ਦੀ ਹਵਾਈ ਰੱਖਿਆ ਪ੍ਰਣਾਲੀ ਨੂੰ ਪੂਰੀ ਤਰ੍ਹਾਂ ਬੇਨਕਾਬ ਕਰ ਦਿੱਤਾ ਤੇ ਕੁਲ ਆਲਮ ਨੂੰ ਸੁਨੇਹਾ ਦਿੱਤਾ ਕਿ ਭਾਰਤੀ ਫੌਜ ਜਦੋਂ ਚਾਹੇ, ਜਿੱਥੇ ਚਾਹੇ ਪਾਕਿਸਤਾਨ ਨੂੰ ਭਾਰੀ ਨੁਕਸਾਨ ਪਹੁੰਚਾ ਸਕਦੀ ਹੈ।"

ਦਸਹਿਰੇ ਦਾ ਧਾਮ...

ਵਿੱਚ ਇਹ ਸਰਕਾਰ ਆਪਣੀ ਸੋਚ ਨਾਲ ਅੱਗੇ ਵਧ ਰਹੀ ਹੈ।

ਇੰਡੋਨੇਸ਼ੀਆ ਸਕੂਲ ਹਾਦਸਾ...

ਇੰਡੋਨੇਸ਼ੀਆ ਦੇ ਮੰਤਰੀ ਪ੍ਰਤੀਨਿਧੀ ਨੇ ਕਿਹਾ ਕਿ ਬਚਾਅ ਕਾਰਜ ਜਾਰੀ ਹਨ।

ਕਣਕ ਦੇ ਐੱਮ.ਐੱਸ.ਪੀ...

ਪ੍ਰਾਜੈਕਟ ਦੇ ਚਾਰ ਯੂਨਿਟਾਂ ਤੋਂ 600 ਮੈਗਾਵਾਟ ਬਿਜਲੀ ਪੈਦਾ ਕਰਨ ਤੋਂ ਬਾਅਦ ਪਾਣੀ ਸ਼ਾਮਲ ਹੈ। ਹਾਲਾਂਕਿ ਮੌਸਮ ਵਿਭਾਗ ਦੇ ਅਨੁਸਾਰ 5 ਤੋਂ 7 ਅਕਤੂਬਰ ਤੱਕ ਮੀਂਹ ਦੀ ਚਿਤਾਵਨੀ ਜਾਰੀ ਕੀਤੀ ਗਈ ਹੈ। ਪਠਾਨਕੋਟ ਦੇ ਡਿਪਟੀ ਕਮਿਸ਼ਨਰ ਆਦਿੱਤਿਆ ਉੱਪਲ ਨੇ ਵੀ ਲੋਕਾਂ ਨੂੰ

ਪੰਜਾਬ 'ਚ ਨਸ਼ਾ...

ਐਕਟ ਦੇ ਕੁੱਲ ਮਾਮਲਿਆਂ ਦੀ ਗਿਣਤੀ ਵਿੱਚ ਤੀਜੇ ਸਥਾਨ 'ਤੇ ਰਿਹਾ ਹੈ। 2023 ਵਿੱਚ ਪੰਜਾਬ 'ਚ ਕੁੱਲ 11,589 ਮਾਮਲੇ ਦਰਜ ਕੀਤੇ ਗਏ, ਜੋ ਕਿ ਕੇਰਲਾ (30,697) ਅਤੇ ਮਹਾਰਾਸ਼ਟਰ (15,610) ਨਾਲੋਂ ਘੱਟ ਹਨ। ਹਾਲਾਂਕਿ, ਇਨ੍ਹਾਂ ਦੱਖਣੀ ਸੂਬਿਆਂ 'ਤੇ ਡੂੰਘਾਈ

ਕਣਕ ਦੇ ਐੱਮ.ਐੱਸ.ਪੀ. ਵਿੱਚ...

ਕਰਨ ਦੀ ਗੱਲ ਆਖੀ ਗਈ ਸੀ। ਸਰਕਾਰ ਨੇ 2025-26 ਦੇ ਫ਼ਸਲੀ ਸਾਲ (ਜੁਲਾਈ-ਜੂਨ) ਲਈ 119 ਮਿਲੀਅਨ ਟਨ ਕਣਕ ਦੇ ਉਤਪਾਦਨ ਦਾ ਰਿਕਾਰਡ ਟੀਚਾ ਮਿੱਥਿਆ ਹੈ, ਜਦੋਂ ਕਿ 2024-25 ਲਈ ਅਸਲ ਉਤਪਾਦਨ 117.5 ਮਿਲੀਅਨ ਟਨ ਹੋਣ ਦਾ ਅਨੁਮਾਨ ਹੈ।

ਗਾਜ਼ਾ ਪਹੁੰਚਣ ਤੋਂ...

ਐਂਟੋਨੀਓ ਤਾਜਾਨੀ ਨੇ ਸਪੱਸ਼ਟ ਕੀਤਾ ਕਿ ਇਹ ਮੁਹਿੰਮ ਵਿਚ ਹਿੰਸਾ ਦੀ ਵਰਤੋਂ ਨਾ ਕਰਨ ਦਾ ਨਿਰਦੇਸ਼ ਦਿੱਤਾ ਗਿਆ ਸੀ ਅਤੇ ਆਉਣ ਵਾਲੇ ਦਿਨਾਂ ਵਿੱਚ ਕਾਰਕੁਨਾਂ ਨੂੰ ਵਾਪਸ ਭੇਜਿਆ ਜਾਵੇਗਾ। ਇਸ ਦੌਰਾਨ, ਤੁਰਕੀ ਦੇ ਵਿਦੇਸ਼ ਮੰਤਰਾਲੇ ਨੇ ਇਸ ਕਾਰਵਾਈ ਨੂੰ 'ਅੱਤਵਾਦ' ਅਤੇ ਅੰਤਰਰਾਸ਼ਟਰੀ ਕਾਨੂੰਨ ਦੀ ਉਲੰਘਣਾ ਦੱਸਿਆ ਅਤੇ ਤੁਰਕੀ ਦੇ ਨਾਗਰਿਕਾਂ ਸਮੇਤ ਸਾਰੇ ਯਾਤਰੀਆਂ ਨੂੰ ਤੁਰੰਤ ਰਿਹਾਅ ਕਰਨ ਦੀ ਮੰਗ ਕੀਤੀ।

ਸੰਪਾਦਕ-ਦਵਿੰਦਰ ਕੁਮਾਰ ਨੇ ਪ੍ਰਿੰਟਰ, ਇੰਮਪ੍ਰੈਸ਼ਨ ਪ੍ਰਿੰਟਿਗ ਅਤੇ ਪੈਕਿੰਗ ਲਿਮਿਟਿਡ, ਪਲਾਟ 22 ਅਤੇ 49 ਜੀਐਫ਼, ਇੰਡਰਸਟਰੀ ਏਰੀਆ, ਫ਼ੇਸ-2 ਪੰਚਕੂਲਾ (ਹਰਿਆਣਾ) ਤੋਂ ਪ੍ਰਕਾਸ਼ਿਤ Title code : CHAMUL00914
Editor-Davinder Kumar printed at Impression Printing & Packaging Ltd.Plot 22 & 49GF, Industrial Area, Phase-2 Panchkula(Haryana)-134115
